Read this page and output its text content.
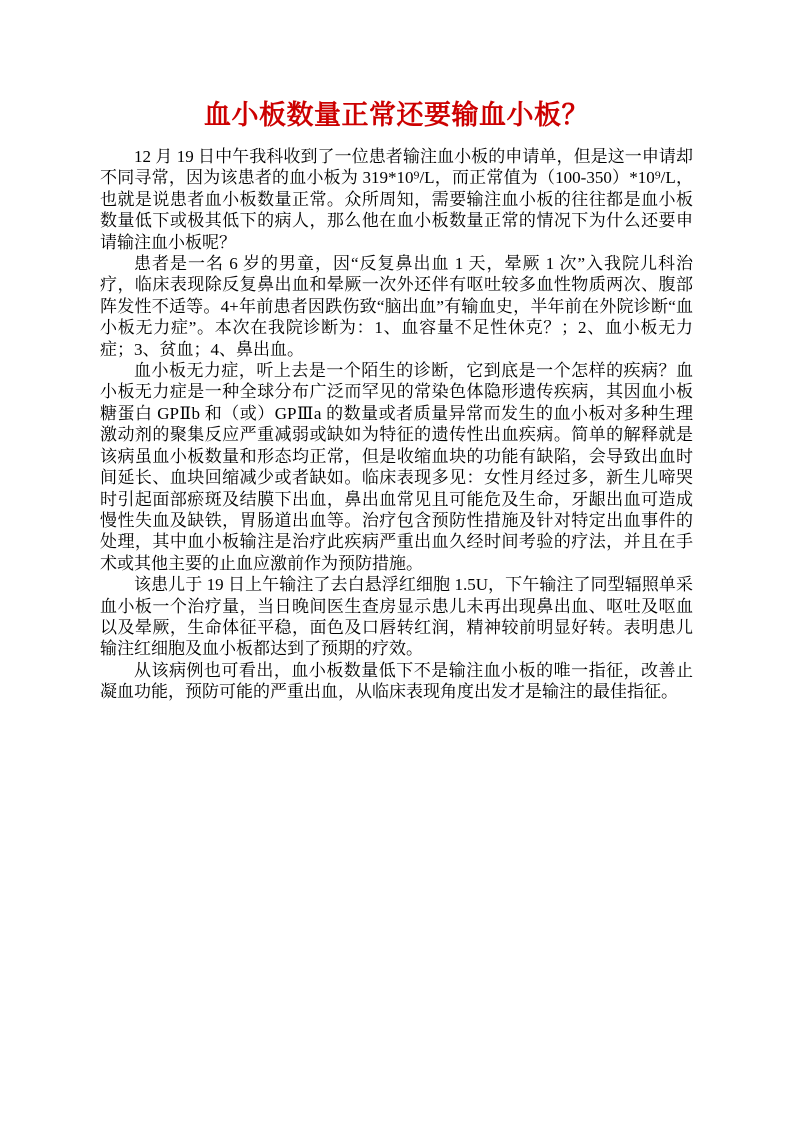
血小板数量正常还要输血小板？

12 月 19 日中午我科收到了一位患者输注血小板的申请单，但是这一申请却不同寻常，因为该患者的血小板为 319*10⁹/L，而正常值为（100-350）*10⁹/L，也就是说患者血小板数量正常。众所周知，需要输注血小板的往往都是血小板数量低下或极其低下的病人，那么他在血小板数量正常的情况下为什么还要申请输注血小板呢？

患者是一名 6 岁的男童，因“反复鼻出血 1 天，晕厥 1 次”入我院儿科治疗，临床表现除反复鼻出血和晕厥一次外还伴有呕吐较多血性物质两次、腹部阵发性不适等。4+年前患者因跌伤致“脑出血”有输血史，半年前在外院诊断“血小板无力症”。本次在我院诊断为：1、血容量不足性休克？；2、血小板无力症；3、贫血；4、鼻出血。

血小板无力症，听上去是一个陌生的诊断，它到底是一个怎样的疾病？血小板无力症是一种全球分布广泛而罕见的常染色体隐形遗传疾病，其因血小板糖蛋白 GPⅡb 和（或）GPⅢa 的数量或者质量异常而发生的血小板对多种生理激动剂的聚集反应严重减弱或缺如为特征的遗传性出血疾病。简单的解释就是该病虽血小板数量和形态均正常，但是收缩血块的功能有缺陷，会导致出血时间延长、血块回缩减少或者缺如。临床表现多见：女性月经过多，新生儿啼哭时引起面部瘀斑及结膜下出血，鼻出血常见且可能危及生命，牙龈出血可造成慢性失血及缺铁，胃肠道出血等。治疗包含预防性措施及针对特定出血事件的处理，其中血小板输注是治疗此疾病严重出血久经时间考验的疗法，并且在手术或其他主要的止血应激前作为预防措施。

该患儿于 19 日上午输注了去白悬浮红细胞 1.5U，下午输注了同型辐照单采血小板一个治疗量，当日晚间医生查房显示患儿未再出现鼻出血、呕吐及呕血以及晕厥，生命体征平稳，面色及口唇转红润，精神较前明显好转。表明患儿输注红细胞及血小板都达到了预期的疗效。

从该病例也可看出，血小板数量低下不是输注血小板的唯一指征，改善止凝血功能，预防可能的严重出血，从临床表现角度出发才是输注的最佳指征。
